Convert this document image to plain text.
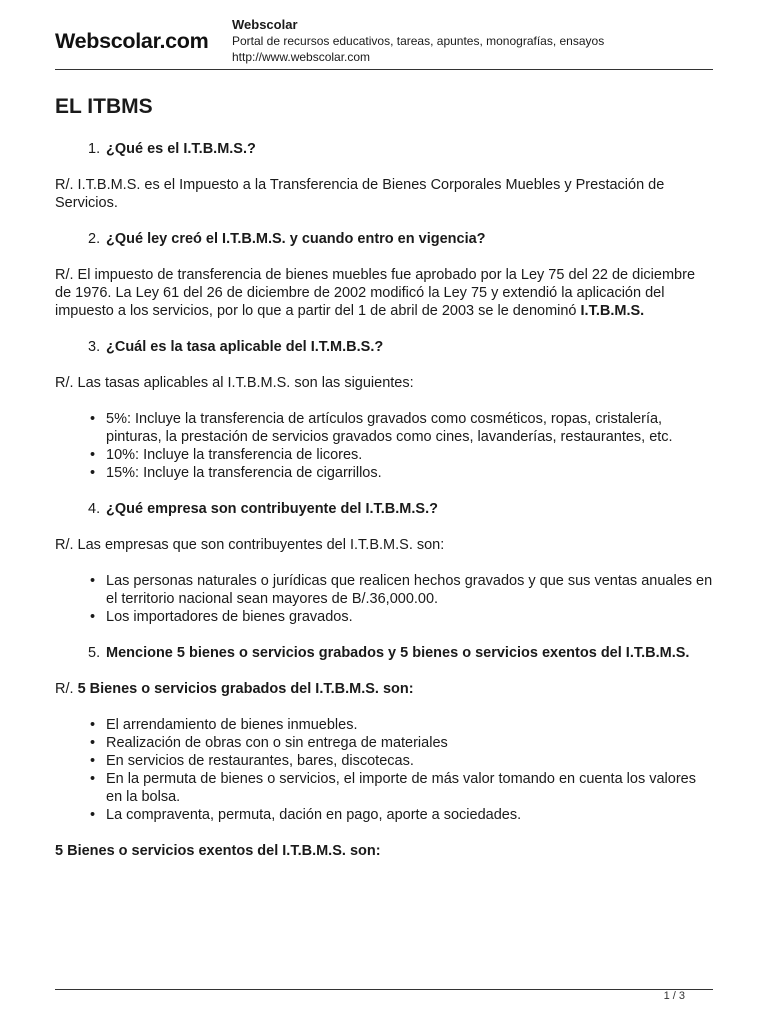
Webscolar.com
Webscolar
Portal de recursos educativos, tareas, apuntes, monografías, ensayos
http://www.webscolar.com
EL ITBMS
1. ¿Qué es el I.T.B.M.S.?

R/. I.T.B.M.S. es el Impuesto a la Transferencia de Bienes Corporales Muebles y Prestación de Servicios.

2. ¿Qué ley creó el I.T.B.M.S. y cuando entro en vigencia?

R/. El impuesto de transferencia de bienes muebles fue aprobado por la Ley 75 del 22 de diciembre de 1976. La Ley 61 del 26 de diciembre de 2002 modificó la Ley 75 y extendió la aplicación del impuesto a los servicios, por lo que a partir del 1 de abril de 2003 se le denominó I.T.B.M.S.

3. ¿Cuál es la tasa aplicable del I.T.M.B.S.?

R/. Las tasas aplicables al I.T.B.M.S. son las siguientes:

• 5%: Incluye la transferencia de artículos gravados como cosméticos, ropas, cristalería, pinturas, la prestación de servicios gravados como cines, lavanderías, restaurantes, etc.
• 10%: Incluye la transferencia de licores.
• 15%: Incluye la transferencia de cigarrillos.
4. ¿Qué empresa son contribuyente del I.T.B.M.S.?

R/. Las empresas que son contribuyentes del I.T.B.M.S. son:

• Las personas naturales o jurídicas que realicen hechos gravados y que sus ventas anuales en el territorio nacional sean mayores de B/.36,000.00.
• Los importadores de bienes gravados.
5. Mencione 5 bienes o servicios grabados y 5 bienes o servicios exentos del I.T.B.M.S.

R/. 5 Bienes o servicios grabados del I.T.B.M.S. son:

• El arrendamiento de bienes inmuebles.
• Realización de obras con o sin entrega de materiales
• En servicios de restaurantes, bares, discotecas.
• En la permuta de bienes o servicios, el importe de más valor tomando en cuenta los valores en la bolsa.
• La compraventa, permuta, dación en pago, aporte a sociedades.

5 Bienes o servicios exentos del I.T.B.M.S. son:

1 / 3
